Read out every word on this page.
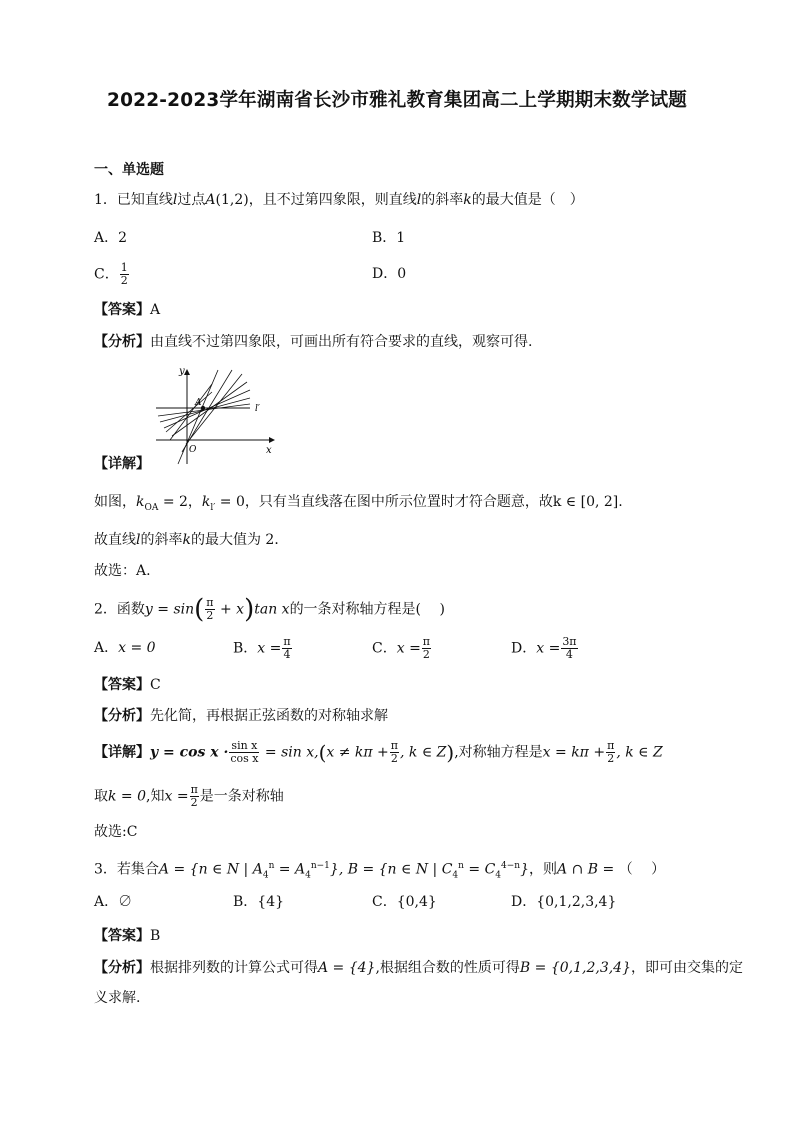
2022-2023学年湖南省长沙市雅礼教育集团高二上学期期末数学试题
一、单选题
1．已知直线l过点A(1,2)，且不过第四象限，则直线l的斜率k的最大值是（　）
A．2	B．1
C． $\frac{1}{2}$	D．0
【答案】A
【分析】由直线不过第四象限，可画出所有符合要求的直线，观察可得.
y
x
O
A
l′
【详解】
如图，$k_{OA} = 2$，$k_{l'} = 0$，只有当直线落在图中所示位置时才符合题意，故k ∈ [0, 2].
故直线l的斜率k的最大值为 2．
故选：A.
2．函数$y = \sin( \frac{\pi}{2} + x)\tan$ x的一条对称轴方程是(　 )
A．x = 0	B．$x = \frac{\pi}{4}$	C．$x = \frac{\pi}{2}$	D．$x = \frac{3\pi}{4}$
【答案】C
【分析】先化简，再根据正弦函数的对称轴求解
【详解】$y = \cos x \cdot \frac{\text{sin x}}{\text{cos x}} = \sin x,(x \ne k\pi + \frac{\pi}{2}$ , k ∈ Z),对称轴方程是$x = k\pi + \frac{\pi}{2}$ , k ∈ Z
取k = 0,知$x = \frac{\pi}{2}$ 是一条对称轴
故选:C
3．若集合A = {n ∈ N | $A_4^n = A_4^{n-1}$}, B = {n ∈ N | $C_4^n = C_4^{4-n}$}，则A ∩ B = （　 ）
A．∅	B．{4}	C．{0,4}	D．{0,1,2,3,4}
【答案】B
【分析】根据排列数的计算公式可得A = {4},根据组合数的性质可得B = {0,1,2,3,4}，即可由交集的定
义求解.
